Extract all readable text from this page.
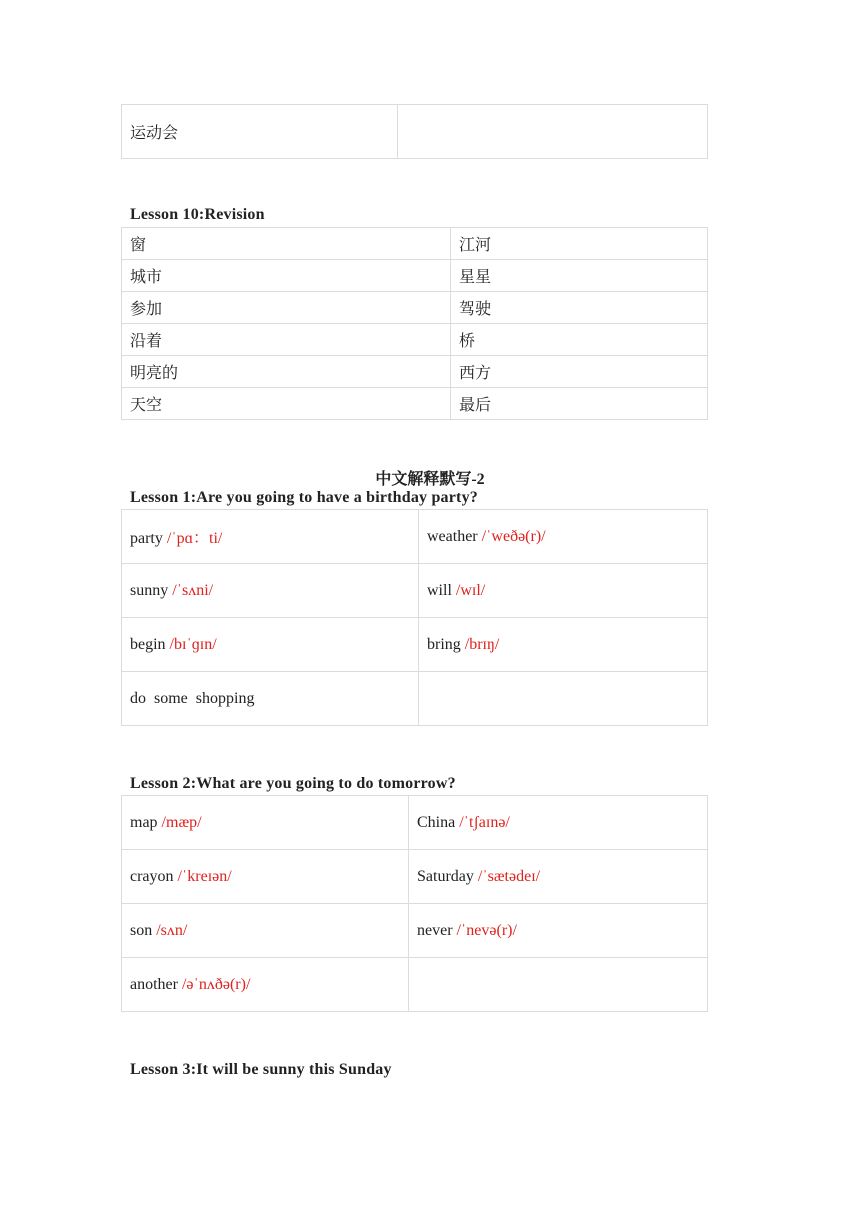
运动会	
Lesson 10:Revision
窗	江河
城市	星星
参加	驾驶
沿着	桥
明亮的	西方
天空	最后
中文解释默写-2
Lesson 1:Are you going to have a birthday party?
party /ˈpɑ：ti/	weather /ˈweðə(r)/
sunny /ˈsʌni/	will /wɪl/
begin /bɪˈɡɪn/	bring /brɪŋ/
do  some  shopping	
Lesson 2:What are you going to do tomorrow?
map /mæp/	China /ˈtʃaɪnə/
crayon /ˈkreɪən/	Saturday /ˈsætədeɪ/
son /sʌn/	never /ˈnevə(r)/
another /əˈnʌðə(r)/	
Lesson 3:It will be sunny this Sunday
